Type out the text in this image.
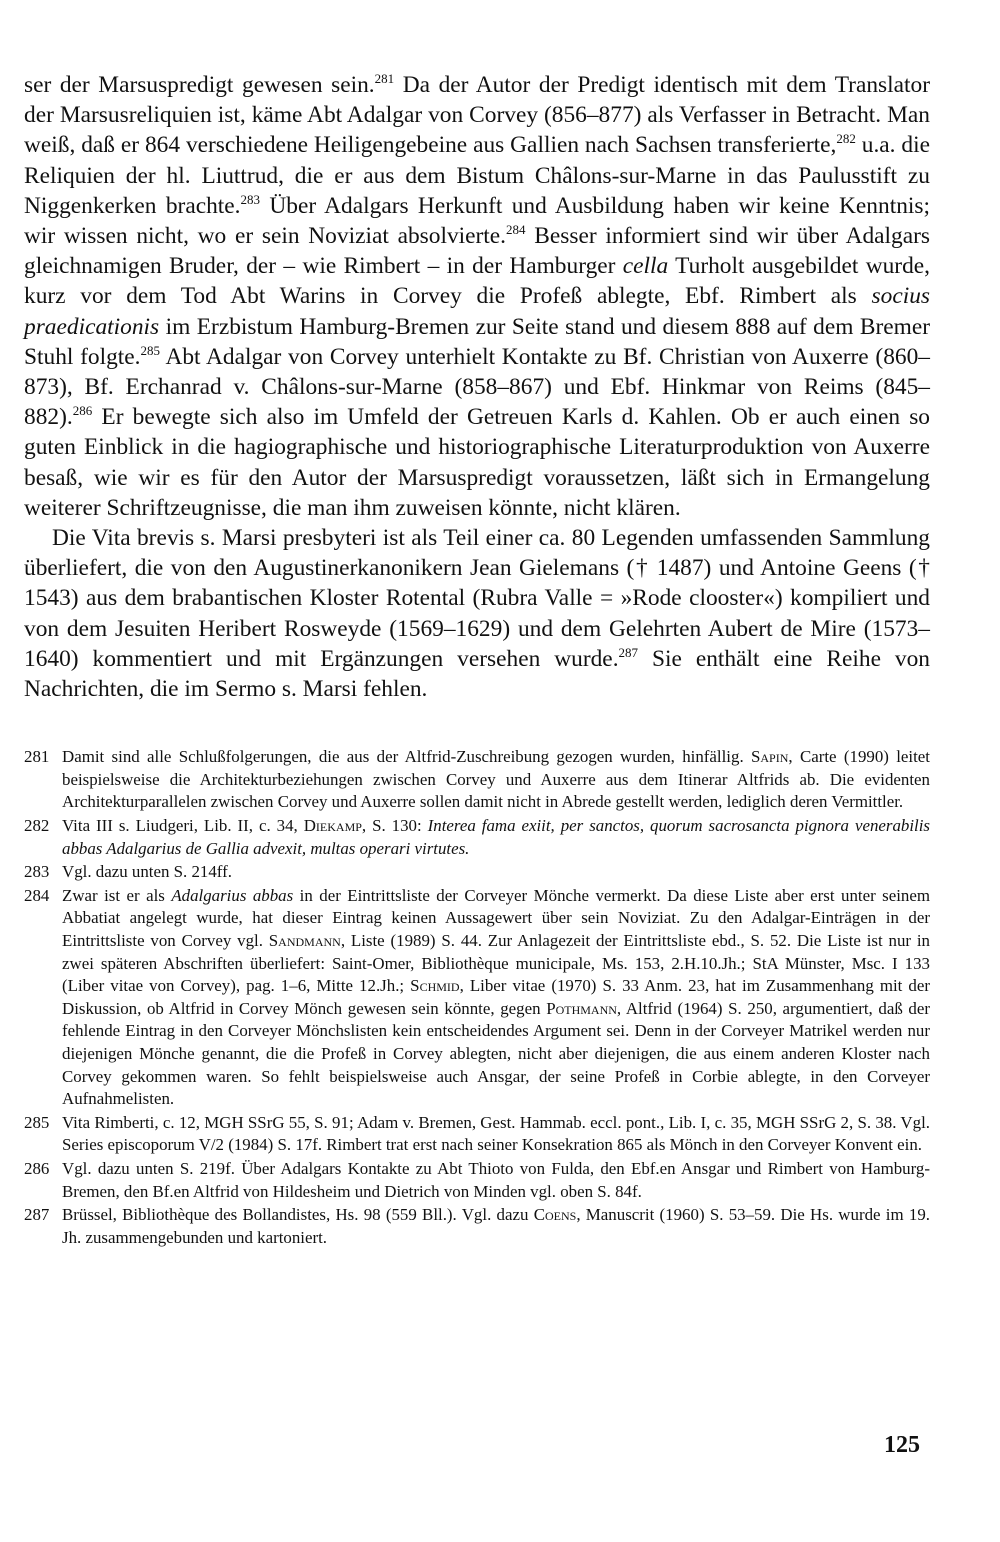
ser der Marsuspredigt gewesen sein.$^{281}$ Da der Autor der Predigt identisch mit dem Translator der Marsusreliquien ist, käme Abt Adalgar von Corvey (856–877) als Verfasser in Betracht. Man weiß, daß er 864 verschiedene Heiligengebeine aus Gallien nach Sachsen transferierte,$^{282}$ u.a. die Reliquien der hl. Liuttrud, die er aus dem Bistum Châlons-sur-Marne in das Paulusstift zu Niggenkerken brachte.$^{283}$ Über Adalgars Herkunft und Ausbildung haben wir keine Kenntnis; wir wissen nicht, wo er sein Noviziat absolvierte.$^{284}$ Besser informiert sind wir über Adalgars gleichnamigen Bruder, der – wie Rimbert – in der Hamburger cella Turholt ausgebildet wurde, kurz vor dem Tod Abt Warins in Corvey die Profeß ablegte, Ebf. Rimbert als socius praedicationis im Erzbistum Hamburg-Bremen zur Seite stand und diesem 888 auf dem Bremer Stuhl folgte.$^{285}$ Abt Adalgar von Corvey unterhielt Kontakte zu Bf. Christian von Auxerre (860–873), Bf. Erchanrad v. Châlons-sur-Marne (858–867) und Ebf. Hinkmar von Reims (845–882).$^{286}$ Er bewegte sich also im Umfeld der Getreuen Karls d. Kahlen. Ob er auch einen so guten Einblick in die hagiographische und historiographische Literaturproduktion von Auxerre besaß, wie wir es für den Autor der Marsuspredigt voraussetzen, läßt sich in Ermangelung weiterer Schriftzeugnisse, die man ihm zuweisen könnte, nicht klären.

Die Vita brevis s. Marsi presbyteri ist als Teil einer ca. 80 Legenden umfassenden Sammlung überliefert, die von den Augustinerkanonikern Jean Gielemans († 1487) und Antoine Geens († 1543) aus dem brabantischen Kloster Rotental (Rubra Valle = »Rode clooster«) kompiliert und von dem Jesuiten Heribert Rosweyde (1569–1629) und dem Gelehrten Aubert de Mire (1573–1640) kommentiert und mit Ergänzungen versehen wurde.$^{287}$ Sie enthält eine Reihe von Nachrichten, die im Sermo s. Marsi fehlen.

281 Damit sind alle Schlußfolgerungen, die aus der Altfrid-Zuschreibung gezogen wurden, hinfällig. Sapin, Carte (1990) leitet beispielsweise die Architekturbeziehungen zwischen Corvey und Auxerre aus dem Itinerar Altfrids ab. Die evidenten Architekturparallelen zwischen Corvey und Auxerre sollen damit nicht in Abrede gestellt werden, lediglich deren Vermittler.
282 Vita III s. Liudgeri, Lib. II, c. 34, Diekamp, S. 130: Interea fama exiit, per sanctos, quorum sacrosancta pignora venerabilis abbas Adalgarius de Gallia advexit, multas operari virtutes.
283 Vgl. dazu unten S. 214ff.
284 Zwar ist er als Adalgarius abbas in der Eintrittsliste der Corveyer Mönche vermerkt. Da diese Liste aber erst unter seinem Abbatiat angelegt wurde, hat dieser Eintrag keinen Aussagewert über sein Noviziat. Zu den Adalgar-Einträgen in der Eintrittsliste von Corvey vgl. Sandmann, Liste (1989) S. 44. Zur Anlagezeit der Eintrittsliste ebd., S. 52. Die Liste ist nur in zwei späteren Abschriften überliefert: Saint-Omer, Bibliothèque municipale, Ms. 153, 2.H.10.Jh.; StA Münster, Msc. I 133 (Liber vitae von Corvey), pag. 1–6, Mitte 12.Jh.; Schmid, Liber vitae (1970) S. 33 Anm. 23, hat im Zusammenhang mit der Diskussion, ob Altfrid in Corvey Mönch gewesen sein könnte, gegen Pothmann, Altfrid (1964) S. 250, argumentiert, daß der fehlende Eintrag in den Corveyer Mönchslisten kein entscheidendes Argument sei. Denn in der Corveyer Matrikel werden nur diejenigen Mönche genannt, die die Profeß in Corvey ablegten, nicht aber diejenigen, die aus einem anderen Kloster nach Corvey gekommen waren. So fehlt beispielsweise auch Ansgar, der seine Profeß in Corbie ablegte, in den Corveyer Aufnahmelisten.
285 Vita Rimberti, c. 12, MGH SSrG 55, S. 91; Adam v. Bremen, Gest. Hammab. eccl. pont., Lib. I, c. 35, MGH SSrG 2, S. 38. Vgl. Series episcoporum V/2 (1984) S. 17f. Rimbert trat erst nach seiner Konsekration 865 als Mönch in den Corveyer Konvent ein.
286 Vgl. dazu unten S. 219f. Über Adalgars Kontakte zu Abt Thioto von Fulda, den Ebf.en Ansgar und Rimbert von Hamburg-Bremen, den Bf.en Altfrid von Hildesheim und Dietrich von Minden vgl. oben S. 84f.
287 Brüssel, Bibliothèque des Bollandistes, Hs. 98 (559 Bll.). Vgl. dazu Coens, Manuscrit (1960) S. 53–59. Die Hs. wurde im 19. Jh. zusammengebunden und kartoniert.
125
